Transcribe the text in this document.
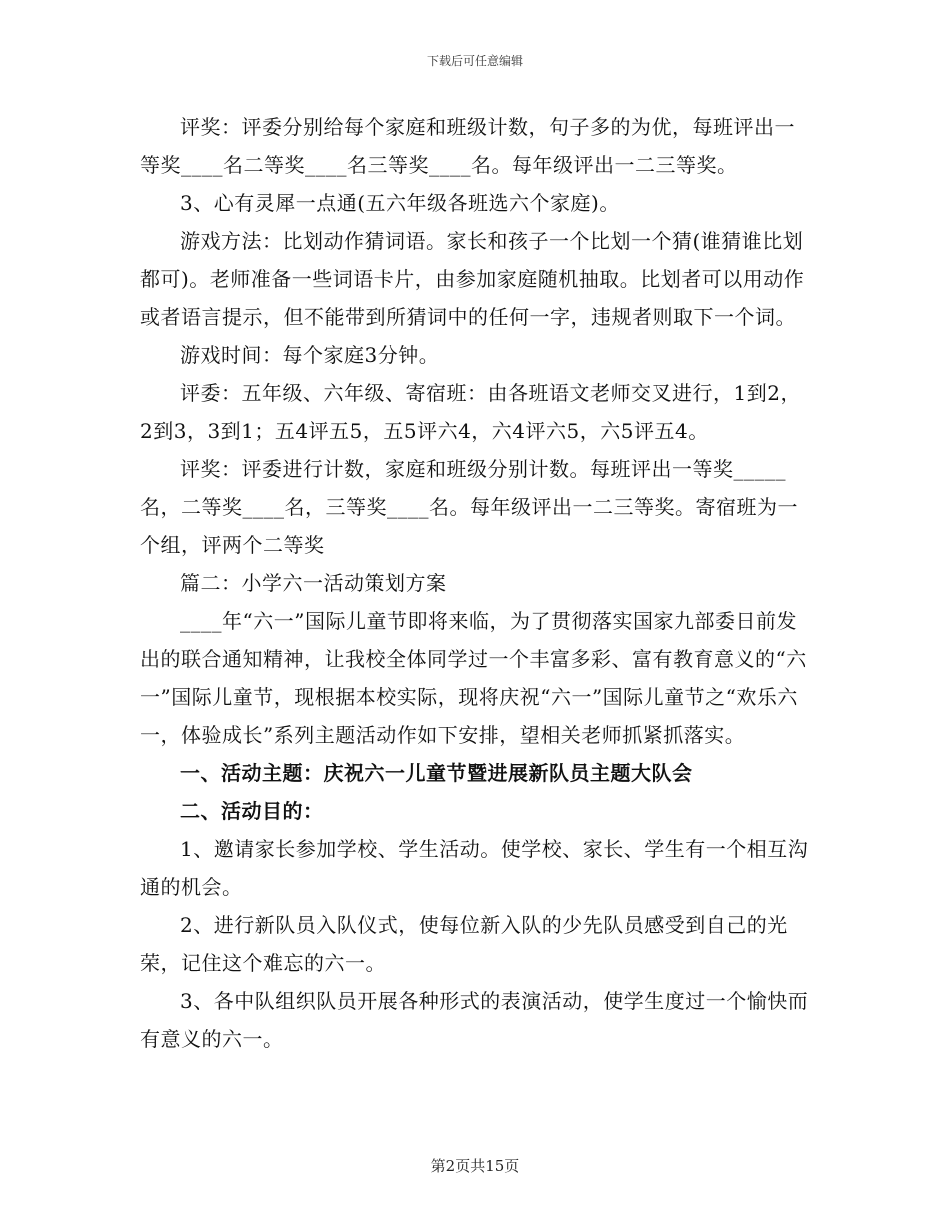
下载后可任意编辑

评奖：评委分别给每个家庭和班级计数，句子多的为优，每班评出一等奖____名二等奖____名三等奖____名。每年级评出一二三等奖。

3、心有灵犀一点通(五六年级各班选六个家庭)。

游戏方法：比划动作猜词语。家长和孩子一个比划一个猜(谁猜谁比划都可)。老师准备一些词语卡片，由参加家庭随机抽取。比划者可以用动作或者语言提示，但不能带到所猜词中的任何一字，违规者则取下一个词。

游戏时间：每个家庭3分钟。

评委：五年级、六年级、寄宿班：由各班语文老师交叉进行，1到2，2到3，3到1；五4评五5，五5评六4，六4评六5，六5评五4。

评奖：评委进行计数，家庭和班级分别计数。每班评出一等奖_____名，二等奖____名，三等奖____名。每年级评出一二三等奖。寄宿班为一个组，评两个二等奖

篇二：小学六一活动策划方案

____年“六一”国际儿童节即将来临，为了贯彻落实国家九部委日前发出的联合通知精神，让我校全体同学过一个丰富多彩、富有教育意义的“六一”国际儿童节，现根据本校实际，现将庆祝“六一”国际儿童节之“欢乐六一，体验成长”系列主题活动作如下安排，望相关老师抓紧抓落实。

一、活动主题：庆祝六一儿童节暨进展新队员主题大队会

二、活动目的：

1、邀请家长参加学校、学生活动。使学校、家长、学生有一个相互沟通的机会。

2、进行新队员入队仪式，使每位新入队的少先队员感受到自己的光荣，记住这个难忘的六一。

3、各中队组织队员开展各种形式的表演活动，使学生度过一个愉快而有意义的六一。

第2页共15页
